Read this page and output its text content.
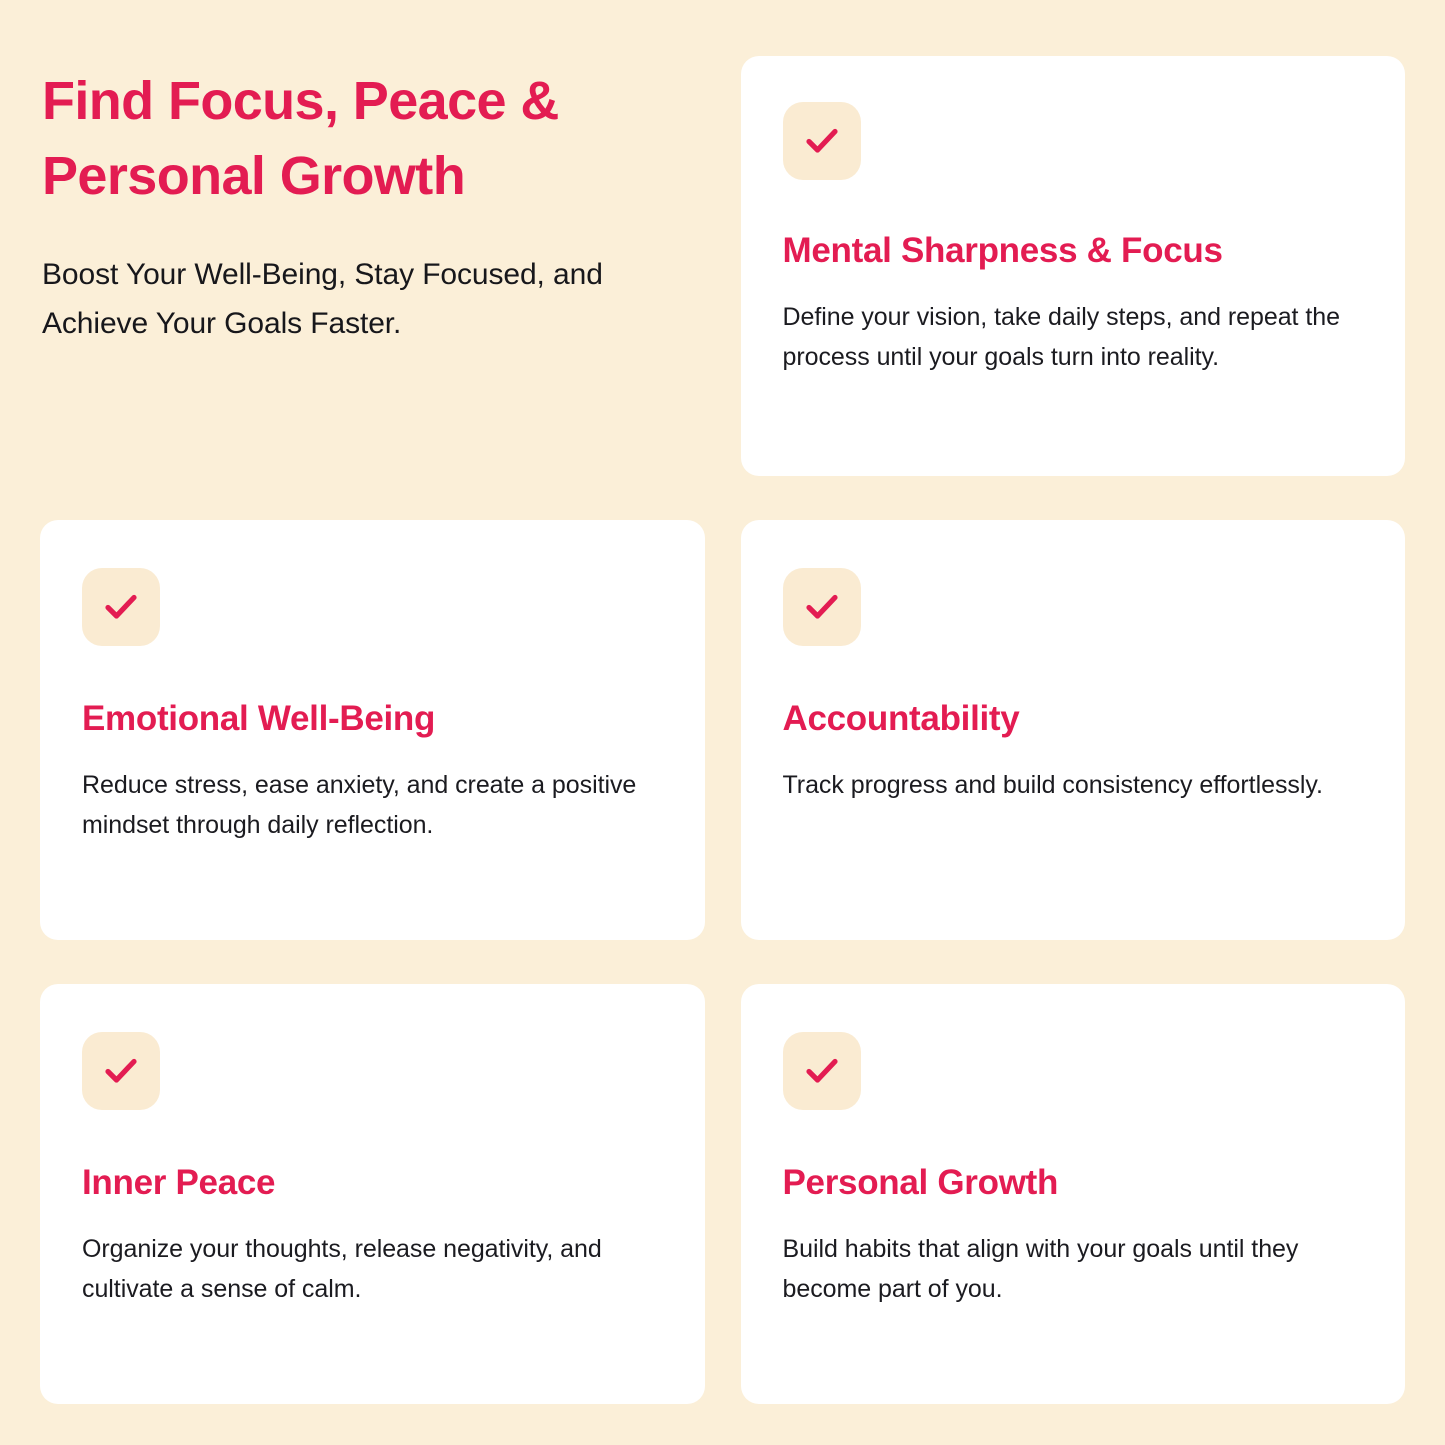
Find Focus, Peace & Personal Growth

Boost Your Well-Being, Stay Focused, and Achieve Your Goals Faster.

Mental Sharpness & Focus
Define your vision, take daily steps, and repeat the process until your goals turn into reality.
Emotional Well-Being
Reduce stress, ease anxiety, and create a positive mindset through daily reflection.
Accountability
Track progress and build consistency effortlessly.
Inner Peace
Organize your thoughts, release negativity, and cultivate a sense of calm.
Personal Growth
Build habits that align with your goals until they become part of you.
